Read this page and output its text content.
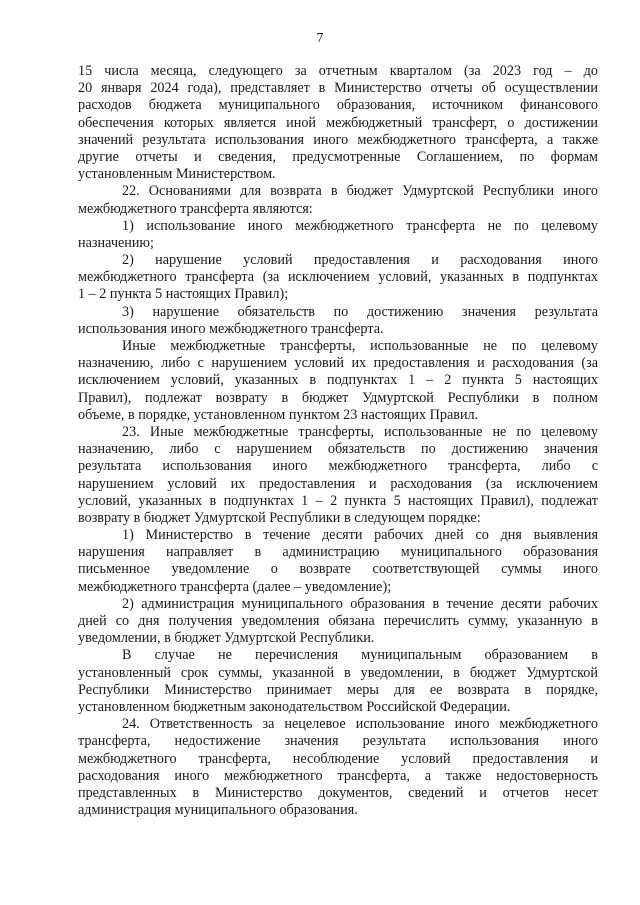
7
15 числа месяца, следующего за отчетным кварталом (за 2023 год – до
20 января 2024 года), представляет в Министерство отчеты об осуществлении
расходов бюджета муниципального образования, источником финансового
обеспечения которых является иной межбюджетный трансферт, о достижении
значений результата использования иного межбюджетного трансферта, а также
другие отчеты и сведения, предусмотренные Соглашением, по формам
установленным Министерством.
22. Основаниями для возврата в бюджет Удмуртской Республики иного
межбюджетного трансферта являются:
1) использование иного межбюджетного трансферта не по целевому
назначению;
2) нарушение условий предоставления и расходования иного
межбюджетного трансферта (за исключением условий, указанных в подпунктах
1 – 2 пункта 5 настоящих Правил);
3) нарушение обязательств по достижению значения результата
использования иного межбюджетного трансферта.
Иные межбюджетные трансферты, использованные не по целевому
назначению, либо с нарушением условий их предоставления и расходования (за
исключением условий, указанных в подпунктах 1 – 2 пункта 5 настоящих
Правил), подлежат возврату в бюджет Удмуртской Республики в полном
объеме, в порядке, установленном пунктом 23 настоящих Правил.
23. Иные межбюджетные трансферты, использованные не по целевому
назначению, либо с нарушением обязательств по достижению значения
результата использования иного межбюджетного трансферта, либо с
нарушением условий их предоставления и расходования (за исключением
условий, указанных в подпунктах 1 – 2 пункта 5 настоящих Правил), подлежат
возврату в бюджет Удмуртской Республики в следующем порядке:
1) Министерство в течение десяти рабочих дней со дня выявления
нарушения направляет в администрацию муниципального образования
письменное уведомление о возврате соответствующей суммы иного
межбюджетного трансферта (далее – уведомление);
2) администрация муниципального образования в течение десяти рабочих
дней со дня получения уведомления обязана перечислить сумму, указанную в
уведомлении, в бюджет Удмуртской Республики.
В случае не перечисления муниципальным образованием в
установленный срок суммы, указанной в уведомлении, в бюджет Удмуртской
Республики Министерство принимает меры для ее возврата в порядке,
установленном бюджетным законодательством Российской Федерации.
24. Ответственность за нецелевое использование иного межбюджетного
трансферта, недостижение значения результата использования иного
межбюджетного трансферта, несоблюдение условий предоставления и
расходования иного межбюджетного трансферта, а также недостоверность
представленных в Министерство документов, сведений и отчетов несет
администрация муниципального образования.
